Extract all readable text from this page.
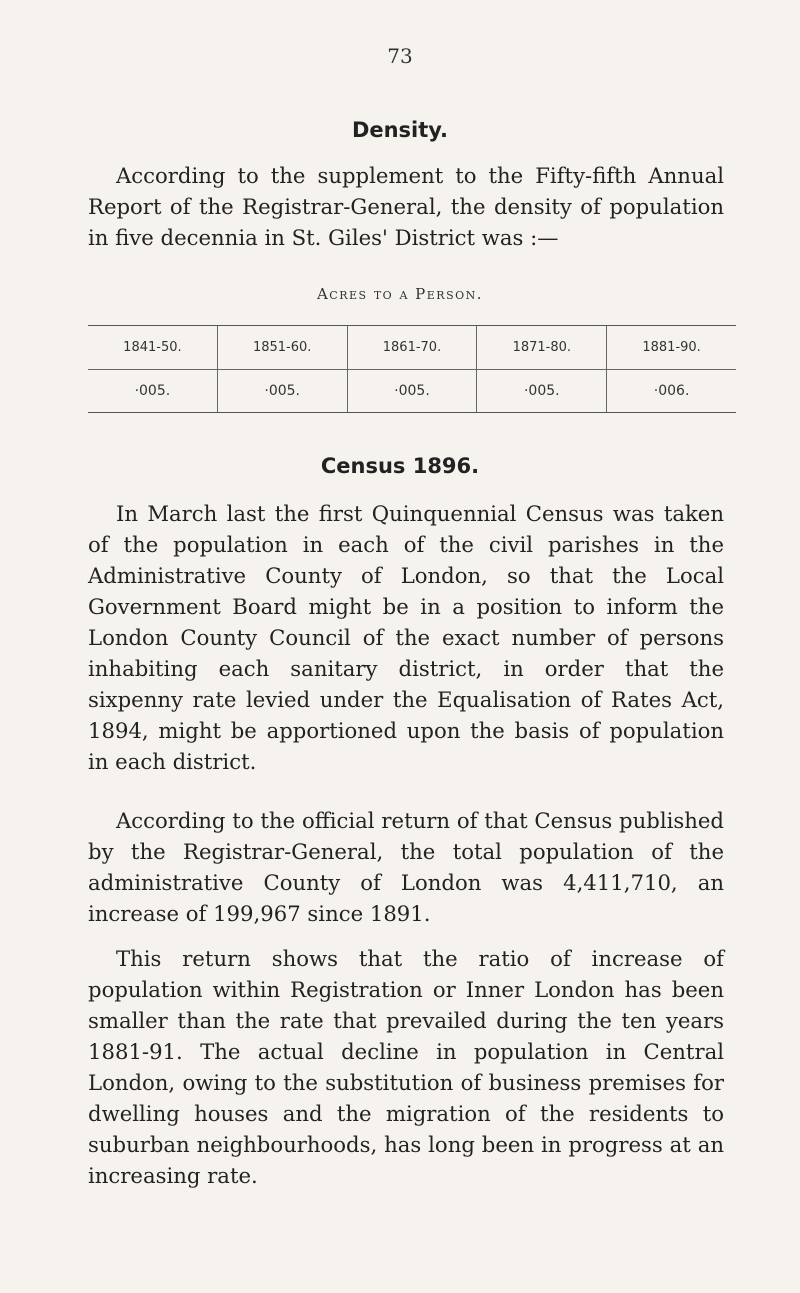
73
Density.
According to the supplement to the Fifty-fifth Annual Report of the Registrar-General, the density of population in five decennia in St. Giles' District was :—
Acres to a Person.
1841-50.	1851-60.	1861-70.	1871-80.	1881-90.
·005.	·005.	·005.	·005.	·006.
Census 1896.
In March last the first Quinquennial Census was taken of the population in each of the civil parishes in the Administrative County of London, so that the Local Government Board might be in a position to inform the London County Council of the exact number of persons inhabiting each sanitary district, in order that the sixpenny rate levied under the Equalisation of Rates Act, 1894, might be apportioned upon the basis of population in each district.
According to the official return of that Census published by the Registrar-General, the total population of the administrative County of London was 4,411,710, an increase of 199,967 since 1891.
This return shows that the ratio of increase of population within Registration or Inner London has been smaller than the rate that prevailed during the ten years 1881-91. The actual decline in population in Central London, owing to the substitution of business premises for dwelling houses and the migration of the residents to suburban neighbourhoods, has long been in progress at an increasing rate.
